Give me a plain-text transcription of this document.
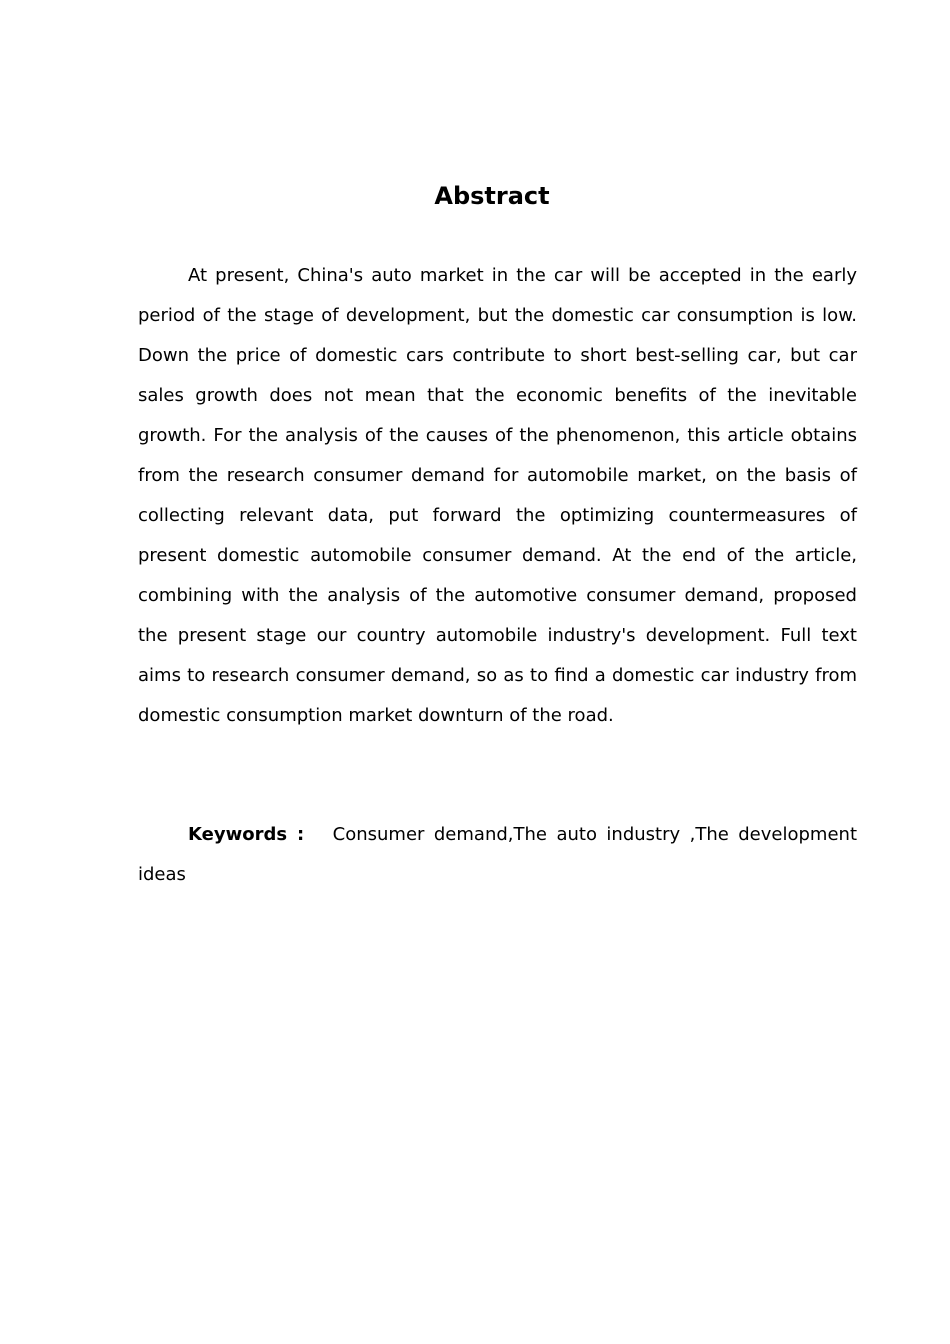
Abstract

At present, China's auto market in the car will be accepted in the early period of the stage of development, but the domestic car consumption is low. Down the price of domestic cars contribute to short best-selling car, but car sales growth does not mean that the economic benefits of the inevitable growth. For the analysis of the causes of the phenomenon, this article obtains from the research consumer demand for automobile market, on the basis of collecting relevant data, put forward the optimizing countermeasures of present domestic automobile consumer demand. At the end of the article, combining with the analysis of the automotive consumer demand, proposed the present stage our country automobile industry's development. Full text aims to research consumer demand, so as to find a domestic car industry from domestic consumption market downturn of the road.

Keywords : Consumer demand,The auto industry ,The development ideas
